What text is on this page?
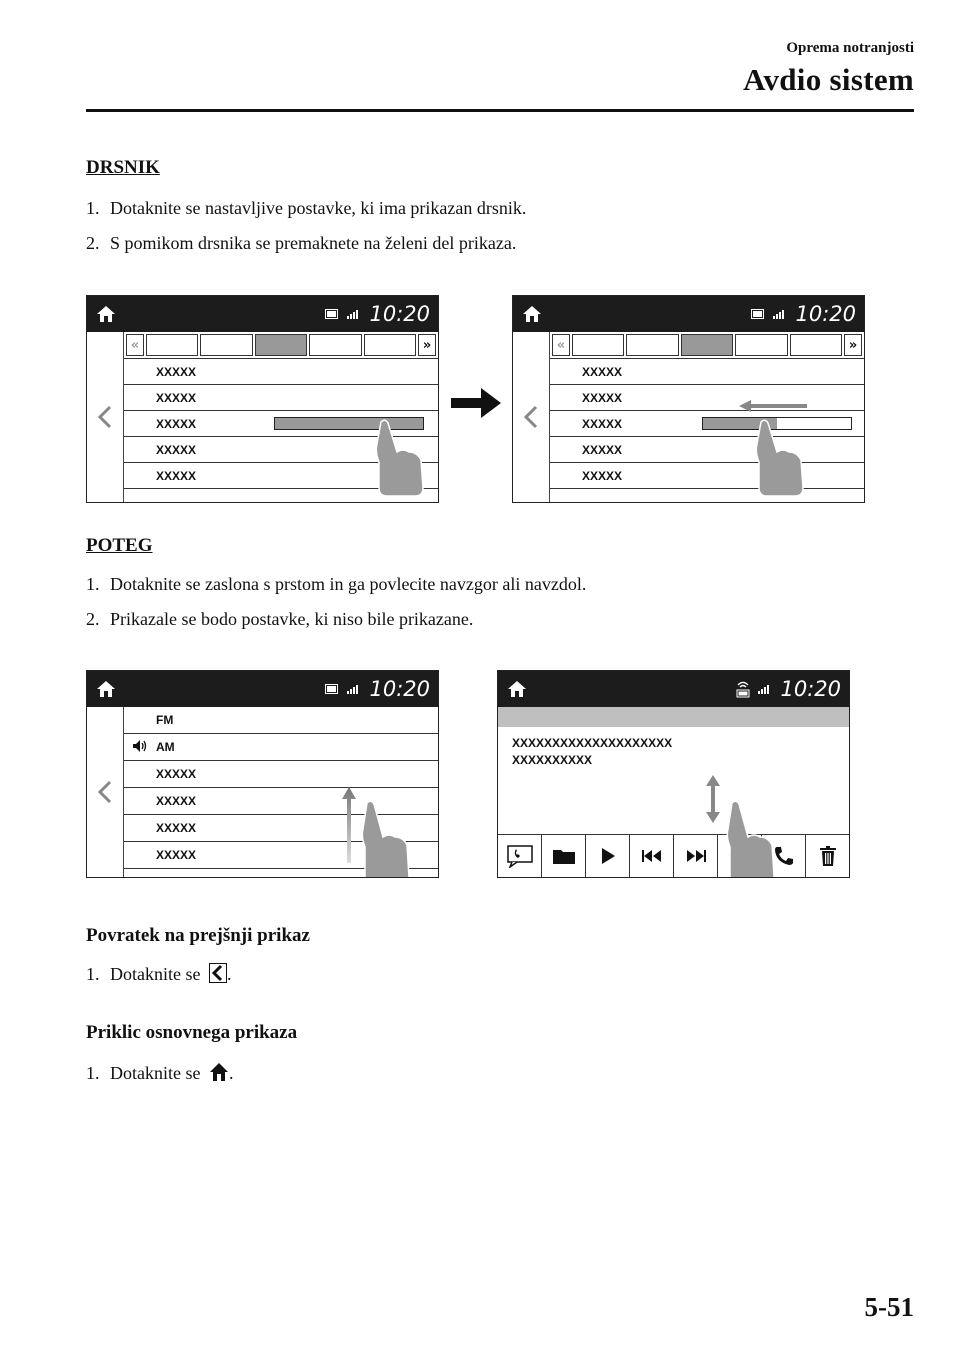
Oprema notranjosti
Avdio sistem
DRSNIK
1. Dotaknite se nastavljive postavke, ki ima prikazan drsnik.
2. S pomikom drsnika se premaknete na želeni del prikaza.
10:20
«	»
XXXXX
XXXXX
XXXXX
XXXXX
XXXXX
10:20
«	»
XXXXX
XXXXX
XXXXX
XXXXX
XXXXX
POTEG
1. Dotaknite se zaslona s prstom in ga povlecite navzgor ali navzdol.
2. Prikazale se bodo postavke, ki niso bile prikazane.
10:20
FM
AM
XXXXX
XXXXX
XXXXX
XXXXX
10:20
XXXXXXXXXXXXXXXXXXXX
XXXXXXXXXX
Povratek na prejšnji prikaz
1. Dotaknite se .
Priklic osnovnega prikaza
1. Dotaknite se .
5-51
